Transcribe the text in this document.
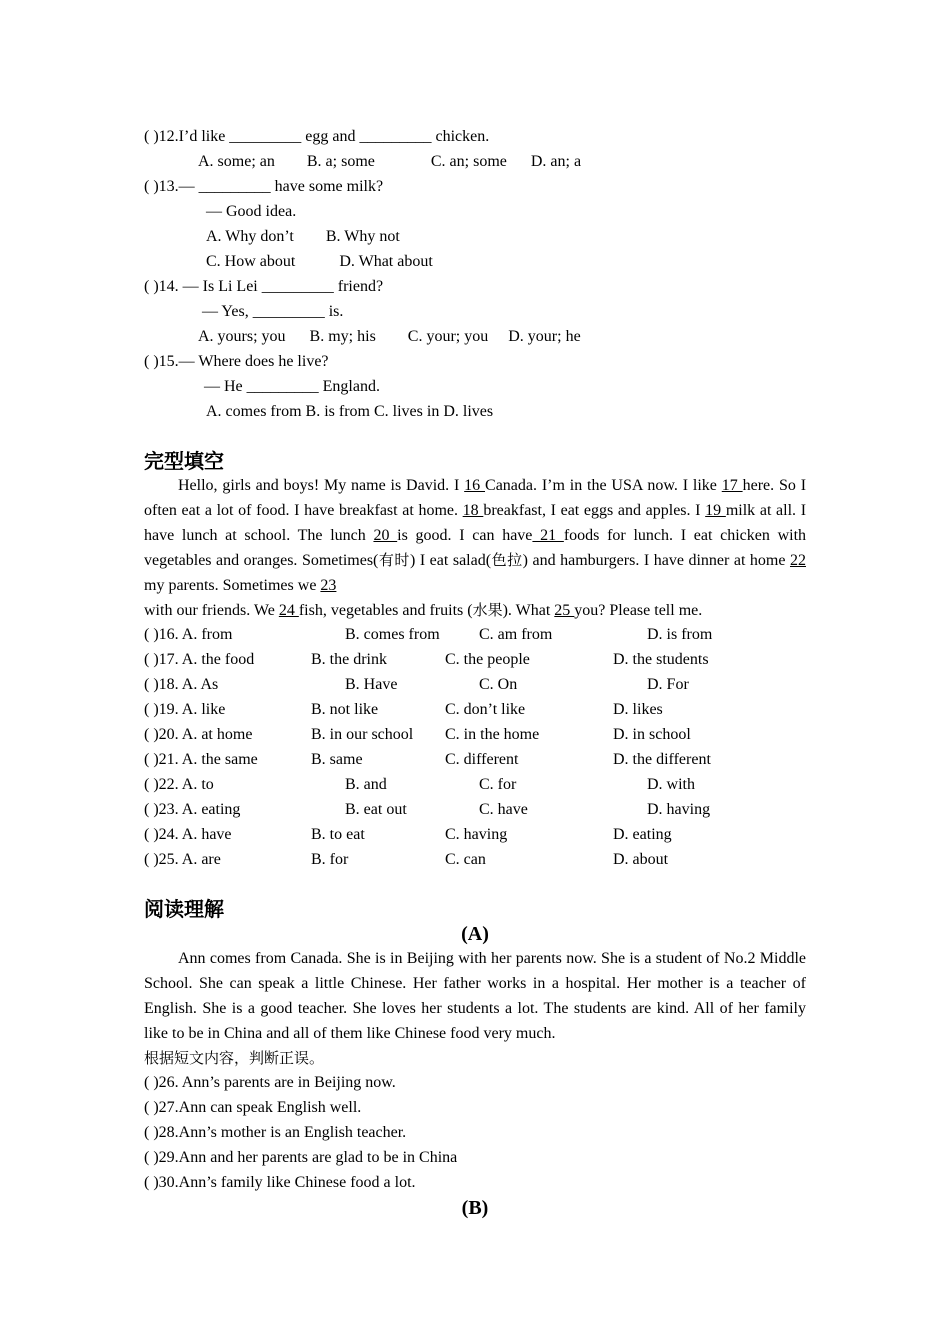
( )12.I’d like _________ egg and _________ chicken.
A. some; an        B. a; some              C. an; some      D. an; a
( )13.— _________ have some milk?
— Good idea.
A. Why don’t        B. Why not
C. How about           D. What about
( )14. — Is Li Lei _________ friend?
— Yes, _________ is.
A. yours; you      B. my; his        C. your; you     D. your; he
( )15.— Where does he live?
— He _________ England.
A. comes from B. is from C. lives in D. lives
完型填空
Hello, girls and boys! My name is David. I 16 Canada. I’m in the USA now. I like 17 here. So I often eat a lot of food. I have breakfast at home. 18 breakfast, I eat eggs and apples. I 19 milk at all. I have lunch at school. The lunch 20 is good. I can have 21 foods for lunch. I eat chicken with vegetables and oranges. Sometimes(有时) I eat salad(色拉) and hamburgers. I have dinner at home 22 my parents. Sometimes we 23
with our friends. We 24 fish, vegetables and fruits (水果). What 25 you? Please tell me.
( )16. A. from	B. comes from C. am from	D. is from
( )17. A. the food	B. the drink	C. the people	D. the students
( )18. A. As	B. Have	C. On	D. For
( )19. A. like	B. not like	C. don’t like	D. likes
( )20. A. at home	B. in our school C. in the home	D. in school
( )21. A. the same	B. same	C. different	D. the different
( )22. A. to	B. and	C. for	D. with
( )23. A. eating	B. eat out	C. have	D. having
( )24. A. have	B. to eat	C. having	D. eating
( )25. A. are	B. for	C. can	D. about
阅读理解
(A)
Ann comes from Canada. She is in Beijing with her parents now. She is a student of No.2 Middle School. She can speak a little Chinese. Her father works in a hospital. Her mother is a teacher of English. She is a good teacher. She loves her students a lot. The students are kind. All of her family like to be in China and all of them like Chinese food very much.
根据短文内容，判断正误。
( )26. Ann’s parents are in Beijing now.
( )27.Ann can speak English well.
( )28.Ann’s mother is an English teacher.
( )29.Ann and her parents are glad to be in China
( )30.Ann’s family like Chinese food a lot.
(B)
